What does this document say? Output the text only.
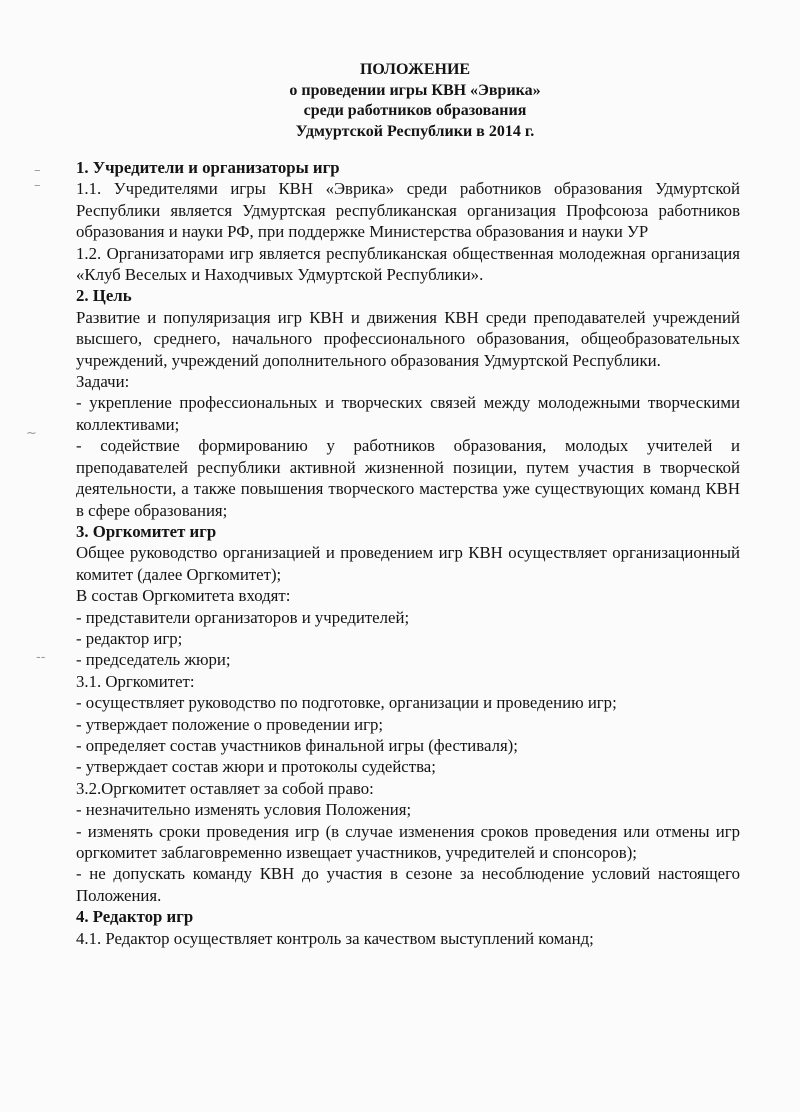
–
–
~
--
ПОЛОЖЕНИЕ
о проведении игры КВН «Эврика»
среди работников образования
Удмуртской Республики в 2014 г.

1. Учредители и организаторы игр

1.1. Учредителями игры КВН «Эврика» среди работников образования Удмуртской Республики является Удмуртская республиканская организация Профсоюза работников образования и науки РФ, при поддержке Министерства образования и науки УР

1.2. Организаторами игр является республиканская общественная молодежная организация «Клуб Веселых и Находчивых Удмуртской Республики».

2. Цель

Развитие и популяризация игр КВН и движения КВН среди преподавателей учреждений высшего, среднего, начального профессионального образования, общеобразовательных учреждений, учреждений дополнительного образования Удмуртской Республики.

Задачи:

- укрепление профессиональных и творческих связей между молодежными творческими коллективами;

- содействие формированию у работников образования, молодых учителей и преподавателей республики активной жизненной позиции, путем участия в творческой деятельности, а также повышения творческого мастерства уже существующих команд КВН в сфере образования;

3. Оргкомитет игр

Общее руководство организацией и проведением игр КВН осуществляет организационный комитет (далее Оргкомитет);

В состав Оргкомитета входят:

- представители организаторов и учредителей;

- редактор игр;

- председатель жюри;

3.1. Оргкомитет:

- осуществляет руководство по подготовке, организации и проведению игр;

- утверждает положение о проведении игр;

- определяет состав участников финальной игры (фестиваля);

- утверждает состав жюри и протоколы судейства;

3.2.Оргкомитет оставляет за собой право:

- незначительно изменять условия Положения;

- изменять сроки проведения игр (в случае изменения сроков проведения или отмены игр оргкомитет заблаговременно извещает участников, учредителей и спонсоров);

- не допускать команду КВН до участия в сезоне за несоблюдение условий настоящего Положения.

4. Редактор игр

4.1. Редактор осуществляет контроль за качеством выступлений команд;
